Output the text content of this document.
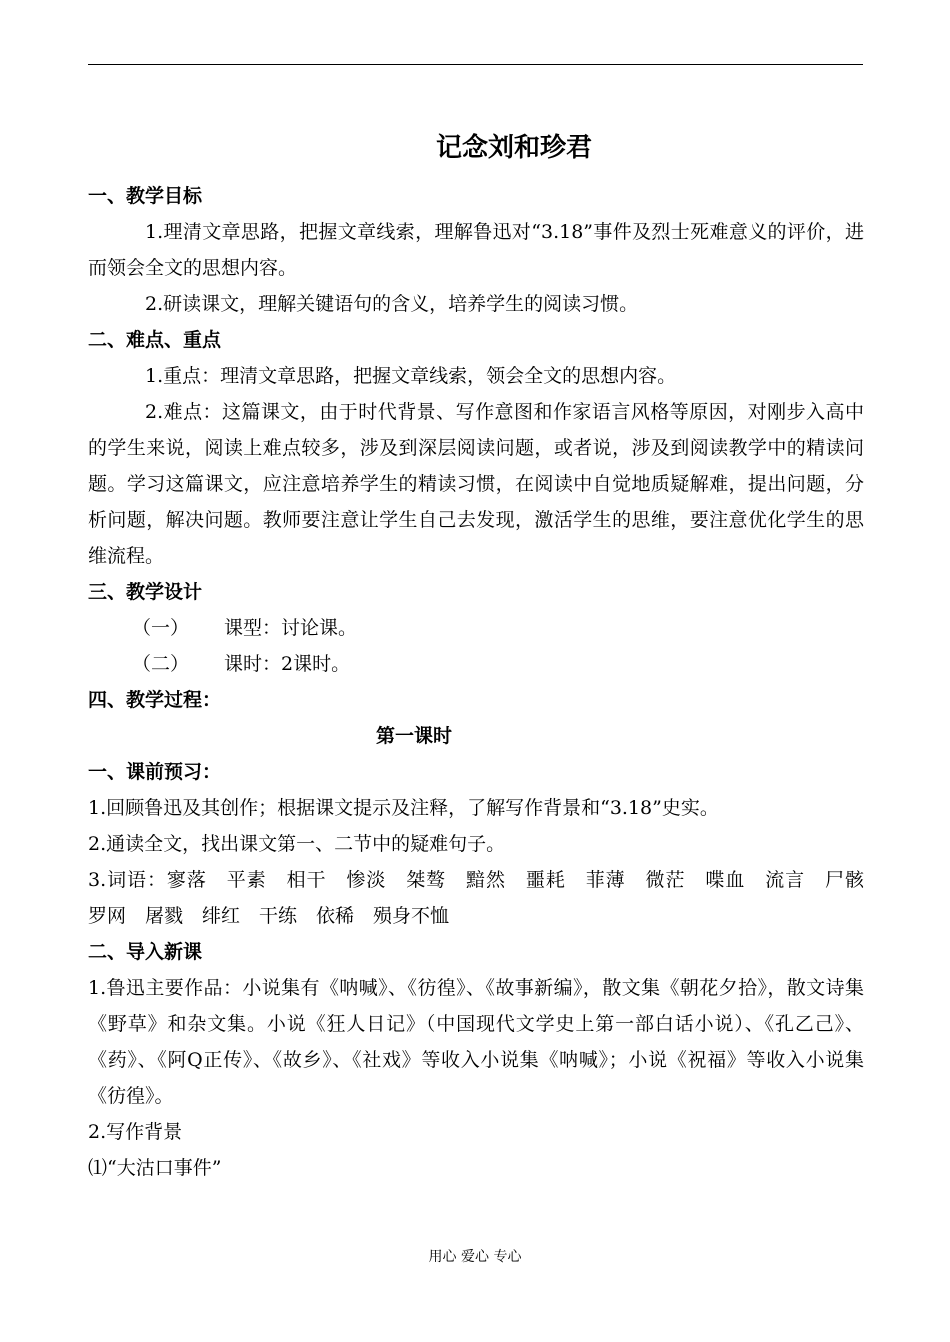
记念刘和珍君

一、教学目标

1.理清文章思路，把握文章线索，理解鲁迅对“3.18”事件及烈士死难意义的评价，进而领会全文的思想内容。

2.研读课文，理解关键语句的含义，培养学生的阅读习惯。

二、难点、重点

1.重点：理清文章思路，把握文章线索，领会全文的思想内容。

2.难点：这篇课文，由于时代背景、写作意图和作家语言风格等原因，对刚步入高中的学生来说，阅读上难点较多，涉及到深层阅读问题，或者说，涉及到阅读教学中的精读问题。学习这篇课文，应注意培养学生的精读习惯，在阅读中自觉地质疑解难，提出问题，分析问题，解决问题。教师要注意让学生自己去发现，激活学生的思维，要注意优化学生的思维流程。

三、教学设计

（一） 课型：讨论课。

（二） 课时：2课时。

四、教学过程：

第一课时

一、课前预习：

1.回顾鲁迅及其创作；根据课文提示及注释，了解写作背景和“3.18”史实。

2.通读全文，找出课文第一、二节中的疑难句子。

3.词语：寥落　平素　相干　惨淡　桀骜　黯然　噩耗　菲薄　微茫　喋血　流言　尸骸　罗网　屠戮　绯红　干练　依稀　殒身不恤

二、导入新课

1.鲁迅主要作品：小说集有《呐喊》、《彷徨》、《故事新编》，散文集《朝花夕拾》，散文诗集《野草》和杂文集。小说《狂人日记》（中国现代文学史上第一部白话小说）、《孔乙己》、《药》、《阿Q正传》、《故乡》、《社戏》等收入小说集《呐喊》；小说《祝福》等收入小说集《彷徨》。

2.写作背景

⑴“大沽口事件”

用心 爱心 专心
